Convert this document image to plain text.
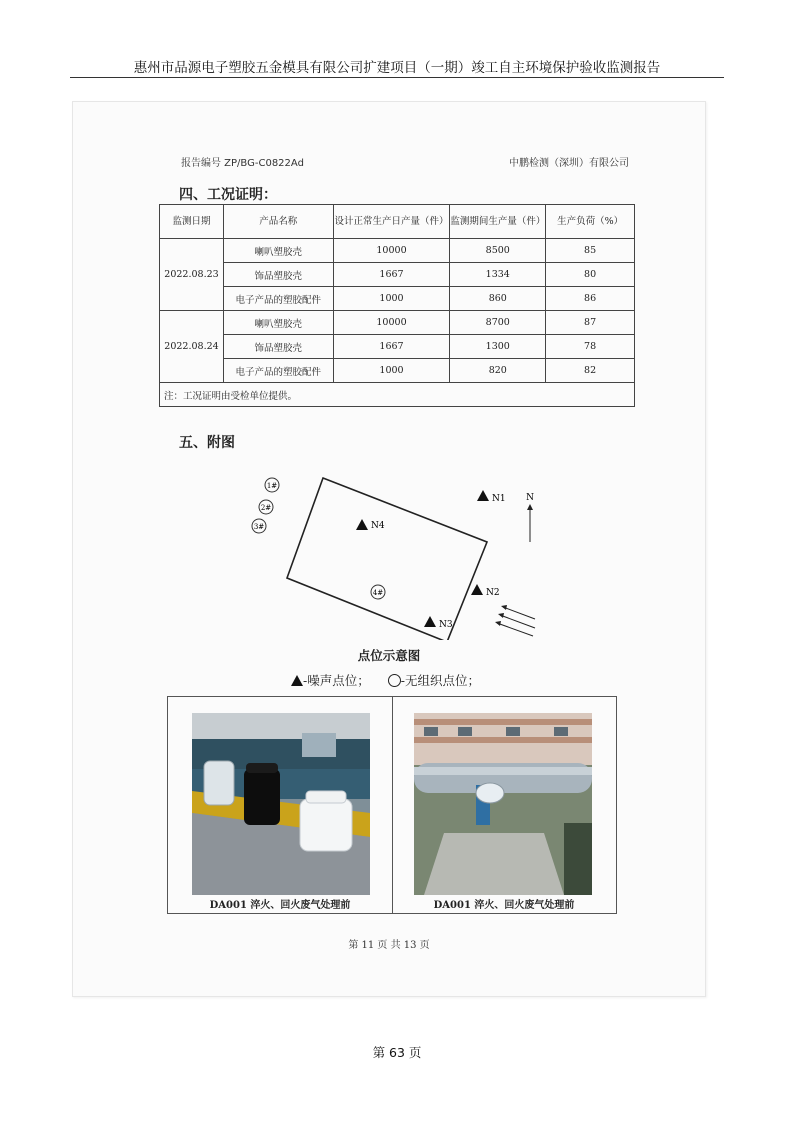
惠州市品源电子塑胶五金模具有限公司扩建项目（一期）竣工自主环境保护验收监测报告
报告编号 ZP/BG-C0822Ad	中鹏检测（深圳）有限公司
四、工况证明：
监测日期	产品名称	设计正常生产日产量（件）	监测期间生产量（件）	生产负荷（%）
2022.08.23	喇叭塑胶壳	10000	8500	85
	饰品塑胶壳	1667	1334	80
	电子产品的塑胶配件	1000	860	86
2022.08.24	喇叭塑胶壳	10000	8700	87
	饰品塑胶壳	1667	1300	78
	电子产品的塑胶配件	1000	820	82
注：工况证明由受检单位提供。				
五、附图
1#
2#
3#
4#
N1
N4
N3
N
N2
点位示意图
-噪声点位； -无组织点位；
DA001 淬火、回火废气处理前	DA001 淬火、回火废气处理前
第 11 页 共 13 页
第 63 页
